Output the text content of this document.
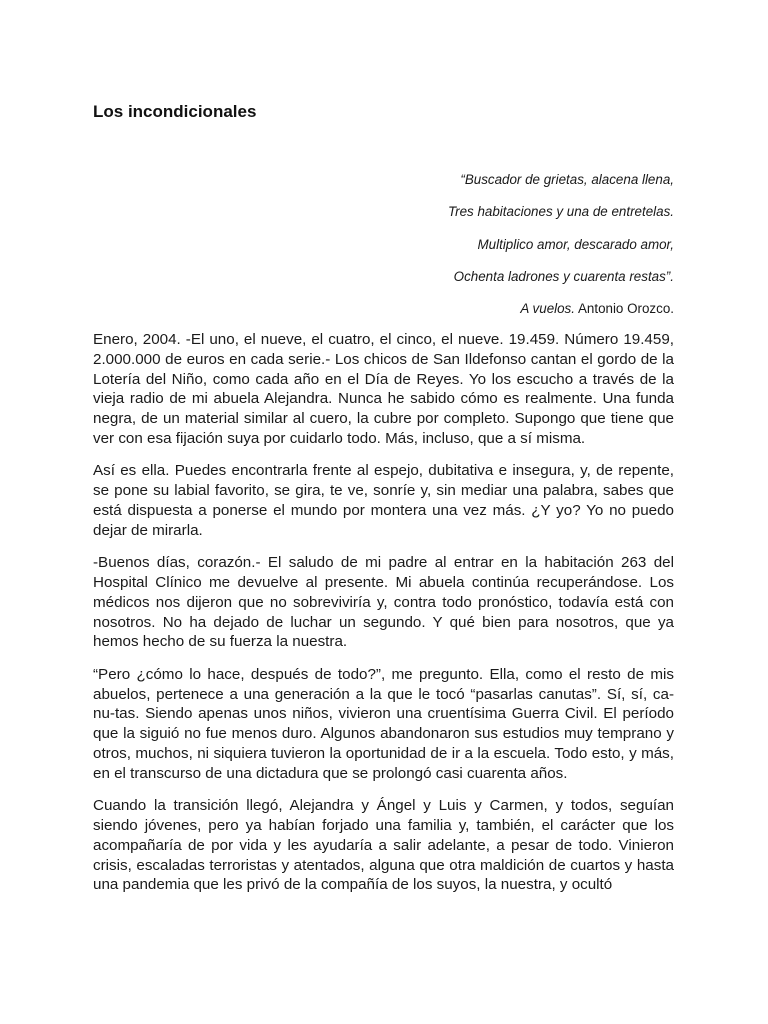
Los incondicionales
“Buscador de grietas, alacena llena,
Tres habitaciones y una de entretelas.
Multiplico amor, descarado amor,
Ochenta ladrones y cuarenta restas”.
A vuelos. Antonio Orozco.

Enero, 2004. -El uno, el nueve, el cuatro, el cinco, el nueve. 19.459. Número 19.459, 2.000.000 de euros en cada serie.- Los chicos de San Ildefonso cantan el gordo de la Lotería del Niño, como cada año en el Día de Reyes. Yo los escucho a través de la vieja radio de mi abuela Alejandra. Nunca he sabido cómo es realmente. Una funda negra, de un material similar al cuero, la cubre por completo. Supongo que tiene que ver con esa fijación suya por cuidarlo todo. Más, incluso, que a sí misma.

Así es ella. Puedes encontrarla frente al espejo, dubitativa e insegura, y, de repente, se pone su labial favorito, se gira, te ve, sonríe y, sin mediar una palabra, sabes que está dispuesta a ponerse el mundo por montera una vez más. ¿Y yo? Yo no puedo dejar de mirarla.

-Buenos días, corazón.- El saludo de mi padre al entrar en la habitación 263 del Hospital Clínico me devuelve al presente. Mi abuela continúa recuperándose. Los médicos nos dijeron que no sobreviviría y, contra todo pronóstico, todavía está con nosotros. No ha dejado de luchar un segundo. Y qué bien para nosotros, que ya hemos hecho de su fuerza la nuestra.

“Pero ¿cómo lo hace, después de todo?”, me pregunto. Ella, como el resto de mis abuelos, pertenece a una generación a la que le tocó “pasarlas canutas”. Sí, sí, ca-nu-tas. Siendo apenas unos niños, vivieron una cruentísima Guerra Civil. El período que la siguió no fue menos duro. Algunos abandonaron sus estudios muy temprano y otros, muchos, ni siquiera tuvieron la oportunidad de ir a la escuela. Todo esto, y más, en el transcurso de una dictadura que se prolongó casi cuarenta años.

Cuando la transición llegó, Alejandra y Ángel y Luis y Carmen, y todos, seguían siendo jóvenes, pero ya habían forjado una familia y, también, el carácter que los acompañaría de por vida y les ayudaría a salir adelante, a pesar de todo. Vinieron crisis, escaladas terroristas y atentados, alguna que otra maldición de cuartos y hasta una pandemia que les privó de la compañía de los suyos, la nuestra, y ocultó
